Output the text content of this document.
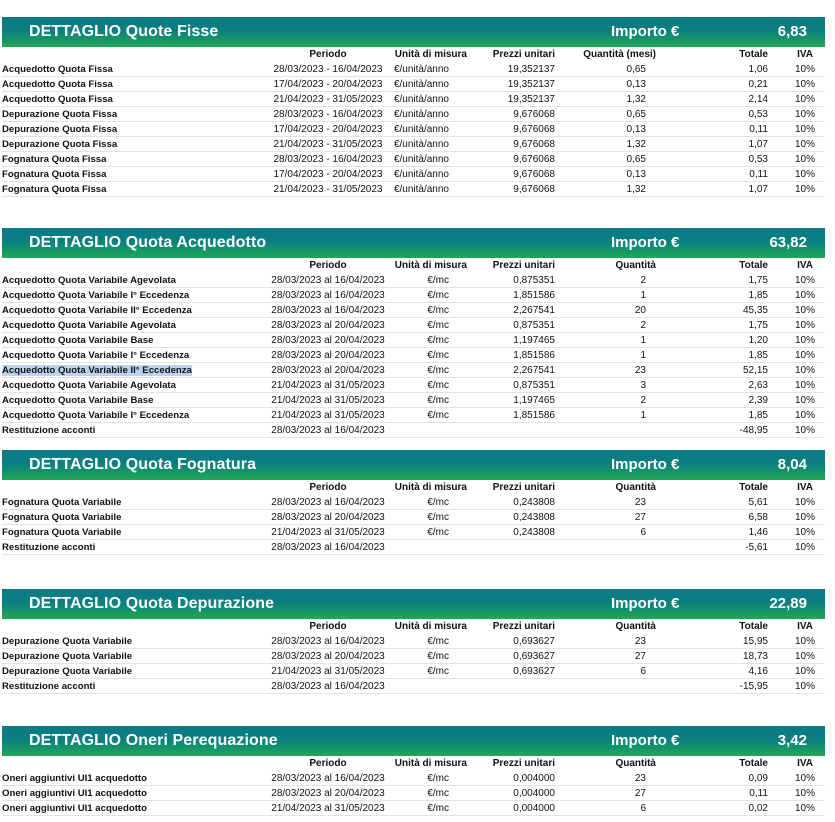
DETTAGLIO Quote Fisse	Importo €	6,83
	Periodo	Unità di misura	Prezzi unitari	Quantità (mesi)	Totale	IVA
Acquedotto Quota Fissa	28/03/2023 - 16/04/2023	€/unità/anno	19,352137	0,65	1,06	10%
Acquedotto Quota Fissa	17/04/2023 - 20/04/2023	€/unità/anno	19,352137	0,13	0,21	10%
Acquedotto Quota Fissa	21/04/2023 - 31/05/2023	€/unità/anno	19,352137	1,32	2,14	10%
Depurazione Quota Fissa	28/03/2023 - 16/04/2023	€/unità/anno	9,676068	0,65	0,53	10%
Depurazione Quota Fissa	17/04/2023 - 20/04/2023	€/unità/anno	9,676068	0,13	0,11	10%
Depurazione Quota Fissa	21/04/2023 - 31/05/2023	€/unità/anno	9,676068	1,32	1,07	10%
Fognatura Quota Fissa	28/03/2023 - 16/04/2023	€/unità/anno	9,676068	0,65	0,53	10%
Fognatura Quota Fissa	17/04/2023 - 20/04/2023	€/unità/anno	9,676068	0,13	0,11	10%
Fognatura Quota Fissa	21/04/2023 - 31/05/2023	€/unità/anno	9,676068	1,32	1,07	10%
DETTAGLIO Quota Acquedotto	Importo €	63,82
	Periodo	Unità di misura	Prezzi unitari	Quantità	Totale	IVA
Acquedotto Quota Variabile Agevolata	28/03/2023 al 16/04/2023	€/mc	0,875351	2	1,75	10%
Acquedotto Quota Variabile I° Eccedenza	28/03/2023 al 16/04/2023	€/mc	1,851586	1	1,85	10%
Acquedotto Quota Variabile II° Eccedenza	28/03/2023 al 16/04/2023	€/mc	2,267541	20	45,35	10%
Acquedotto Quota Variabile Agevolata	28/03/2023 al 20/04/2023	€/mc	0,875351	2	1,75	10%
Acquedotto Quota Variabile Base	28/03/2023 al 20/04/2023	€/mc	1,197465	1	1,20	10%
Acquedotto Quota Variabile I° Eccedenza	28/03/2023 al 20/04/2023	€/mc	1,851586	1	1,85	10%
Acquedotto Quota Variabile II° Eccedenza	28/03/2023 al 20/04/2023	€/mc	2,267541	23	52,15	10%
Acquedotto Quota Variabile Agevolata	21/04/2023 al 31/05/2023	€/mc	0,875351	3	2,63	10%
Acquedotto Quota Variabile Base	21/04/2023 al 31/05/2023	€/mc	1,197465	2	2,39	10%
Acquedotto Quota Variabile I° Eccedenza	21/04/2023 al 31/05/2023	€/mc	1,851586	1	1,85	10%
Restituzione acconti	28/03/2023 al 16/04/2023				-48,95	10%
DETTAGLIO Quota Fognatura	Importo €	8,04
	Periodo	Unità di misura	Prezzi unitari	Quantità	Totale	IVA
Fognatura Quota Variabile	28/03/2023 al 16/04/2023	€/mc	0,243808	23	5,61	10%
Fognatura Quota Variabile	28/03/2023 al 20/04/2023	€/mc	0,243808	27	6,58	10%
Fognatura Quota Variabile	21/04/2023 al 31/05/2023	€/mc	0,243808	6	1,46	10%
Restituzione acconti	28/03/2023 al 16/04/2023				-5,61	10%
DETTAGLIO Quota Depurazione	Importo €	22,89
	Periodo	Unità di misura	Prezzi unitari	Quantità	Totale	IVA
Depurazione Quota Variabile	28/03/2023 al 16/04/2023	€/mc	0,693627	23	15,95	10%
Depurazione Quota Variabile	28/03/2023 al 20/04/2023	€/mc	0,693627	27	18,73	10%
Depurazione Quota Variabile	21/04/2023 al 31/05/2023	€/mc	0,693627	6	4,16	10%
Restituzione acconti	28/03/2023 al 16/04/2023				-15,95	10%
DETTAGLIO Oneri Perequazione	Importo €	3,42
	Periodo	Unità di misura	Prezzi unitari	Quantità	Totale	IVA
Oneri aggiuntivi UI1 acquedotto	28/03/2023 al 16/04/2023	€/mc	0,004000	23	0,09	10%
Oneri aggiuntivi UI1 acquedotto	28/03/2023 al 20/04/2023	€/mc	0,004000	27	0,11	10%
Oneri aggiuntivi UI1 acquedotto	21/04/2023 al 31/05/2023	€/mc	0,004000	6	0,02	10%
